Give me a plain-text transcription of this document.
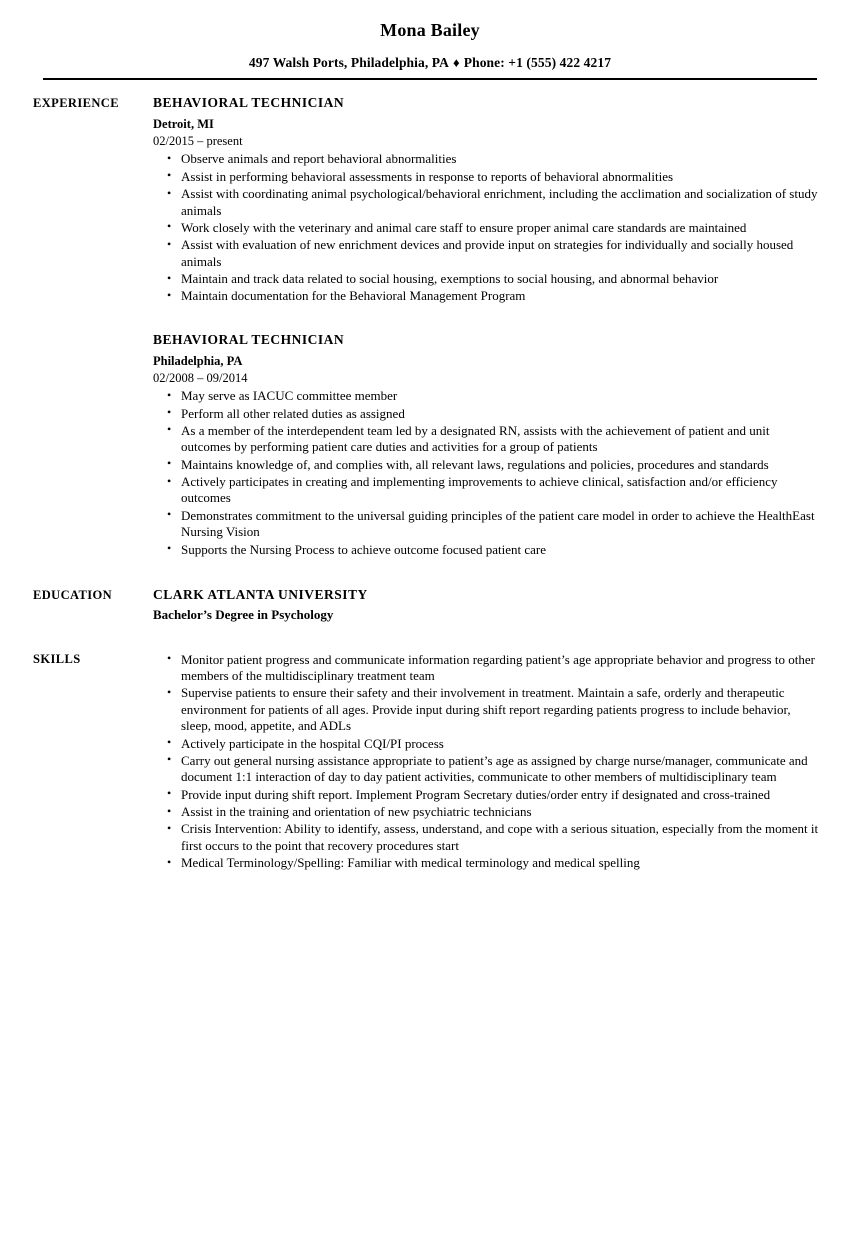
Mona Bailey
497 Walsh Ports, Philadelphia, PA ♦ Phone: +1 (555) 422 4217
EXPERIENCE	BEHAVIORAL TECHNICIAN
Detroit, MI
02/2015 – present
• Observe animals and report behavioral abnormalities
• Assist in performing behavioral assessments in response to reports of behavioral abnormalities
• Assist with coordinating animal psychological/behavioral enrichment, including the acclimation and socialization of study animals
• Work closely with the veterinary and animal care staff to ensure proper animal care standards are maintained
• Assist with evaluation of new enrichment devices and provide input on strategies for individually and socially housed animals
• Maintain and track data related to social housing, exemptions to social housing, and abnormal behavior
• Maintain documentation for the Behavioral Management Program
BEHAVIORAL TECHNICIAN
Philadelphia, PA
02/2008 – 09/2014
• May serve as IACUC committee member
• Perform all other related duties as assigned
• As a member of the interdependent team led by a designated RN, assists with the achievement of patient and unit outcomes by performing patient care duties and activities for a group of patients
• Maintains knowledge of, and complies with, all relevant laws, regulations and policies, procedures and standards
• Actively participates in creating and implementing improvements to achieve clinical, satisfaction and/or efficiency outcomes
• Demonstrates commitment to the universal guiding principles of the patient care model in order to achieve the HealthEast Nursing Vision
• Supports the Nursing Process to achieve outcome focused patient care
EDUCATION	CLARK ATLANTA UNIVERSITY
Bachelor’s Degree in Psychology
SKILLS	• Monitor patient progress and communicate information regarding patient’s age appropriate behavior and progress to other members of the multidisciplinary treatment team
• Supervise patients to ensure their safety and their involvement in treatment. Maintain a safe, orderly and therapeutic environment for patients of all ages. Provide input during shift report regarding patients progress to include behavior, sleep, mood, appetite, and ADLs
• Actively participate in the hospital CQI/PI process
• Carry out general nursing assistance appropriate to patient’s age as assigned by charge nurse/manager, communicate and document 1:1 interaction of day to day patient activities, communicate to other members of multidisciplinary team
• Provide input during shift report. Implement Program Secretary duties/order entry if designated and cross-trained
• Assist in the training and orientation of new psychiatric technicians
• Crisis Intervention: Ability to identify, assess, understand, and cope with a serious situation, especially from the moment it first occurs to the point that recovery procedures start
• Medical Terminology/Spelling: Familiar with medical terminology and medical spelling
